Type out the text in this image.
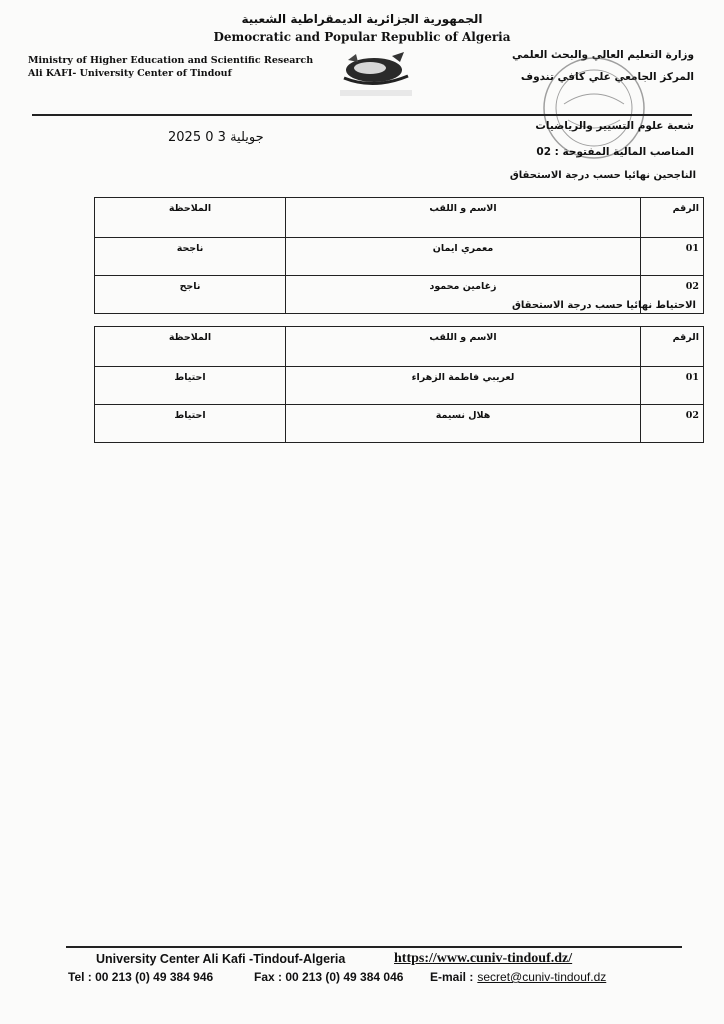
الجمهورية الجزائرية الديمقراطية الشعبية
Democratic and Popular Republic of Algeria
Ministry of Higher Education and Scientific Research
Ali KAFI- University Center of Tindouf
وزارة التعليم العالي والبحث العلمي
المركز الجامعي علي كافي تندوف
2025 جويلية 3 0
شعبة علوم التسيير والرياضيات
المناصب المالية المفتوحة : 02
الناجحين نهائيا حسب درجة الاستحقاق
الرقم	الاسم و اللقب	الملاحظة
01	معمري ايمان	ناجحة
02	زغامين محمود	ناجح
الاحتياط نهائيا حسب درجة الاستحقاق
الرقم	الاسم و اللقب	الملاحظة
01	لعريبي فاطمة الزهراء	احتياط
02	هلال نسيمة	احتياط
University Center Ali Kafi -Tindouf-Algeria	https://www.cuniv-tindouf.dz/
Tel : 00 213 (0) 49 384 946	Fax : 00 213 (0) 49 384 046 E-mail : secret@cuniv-tindouf.dz
